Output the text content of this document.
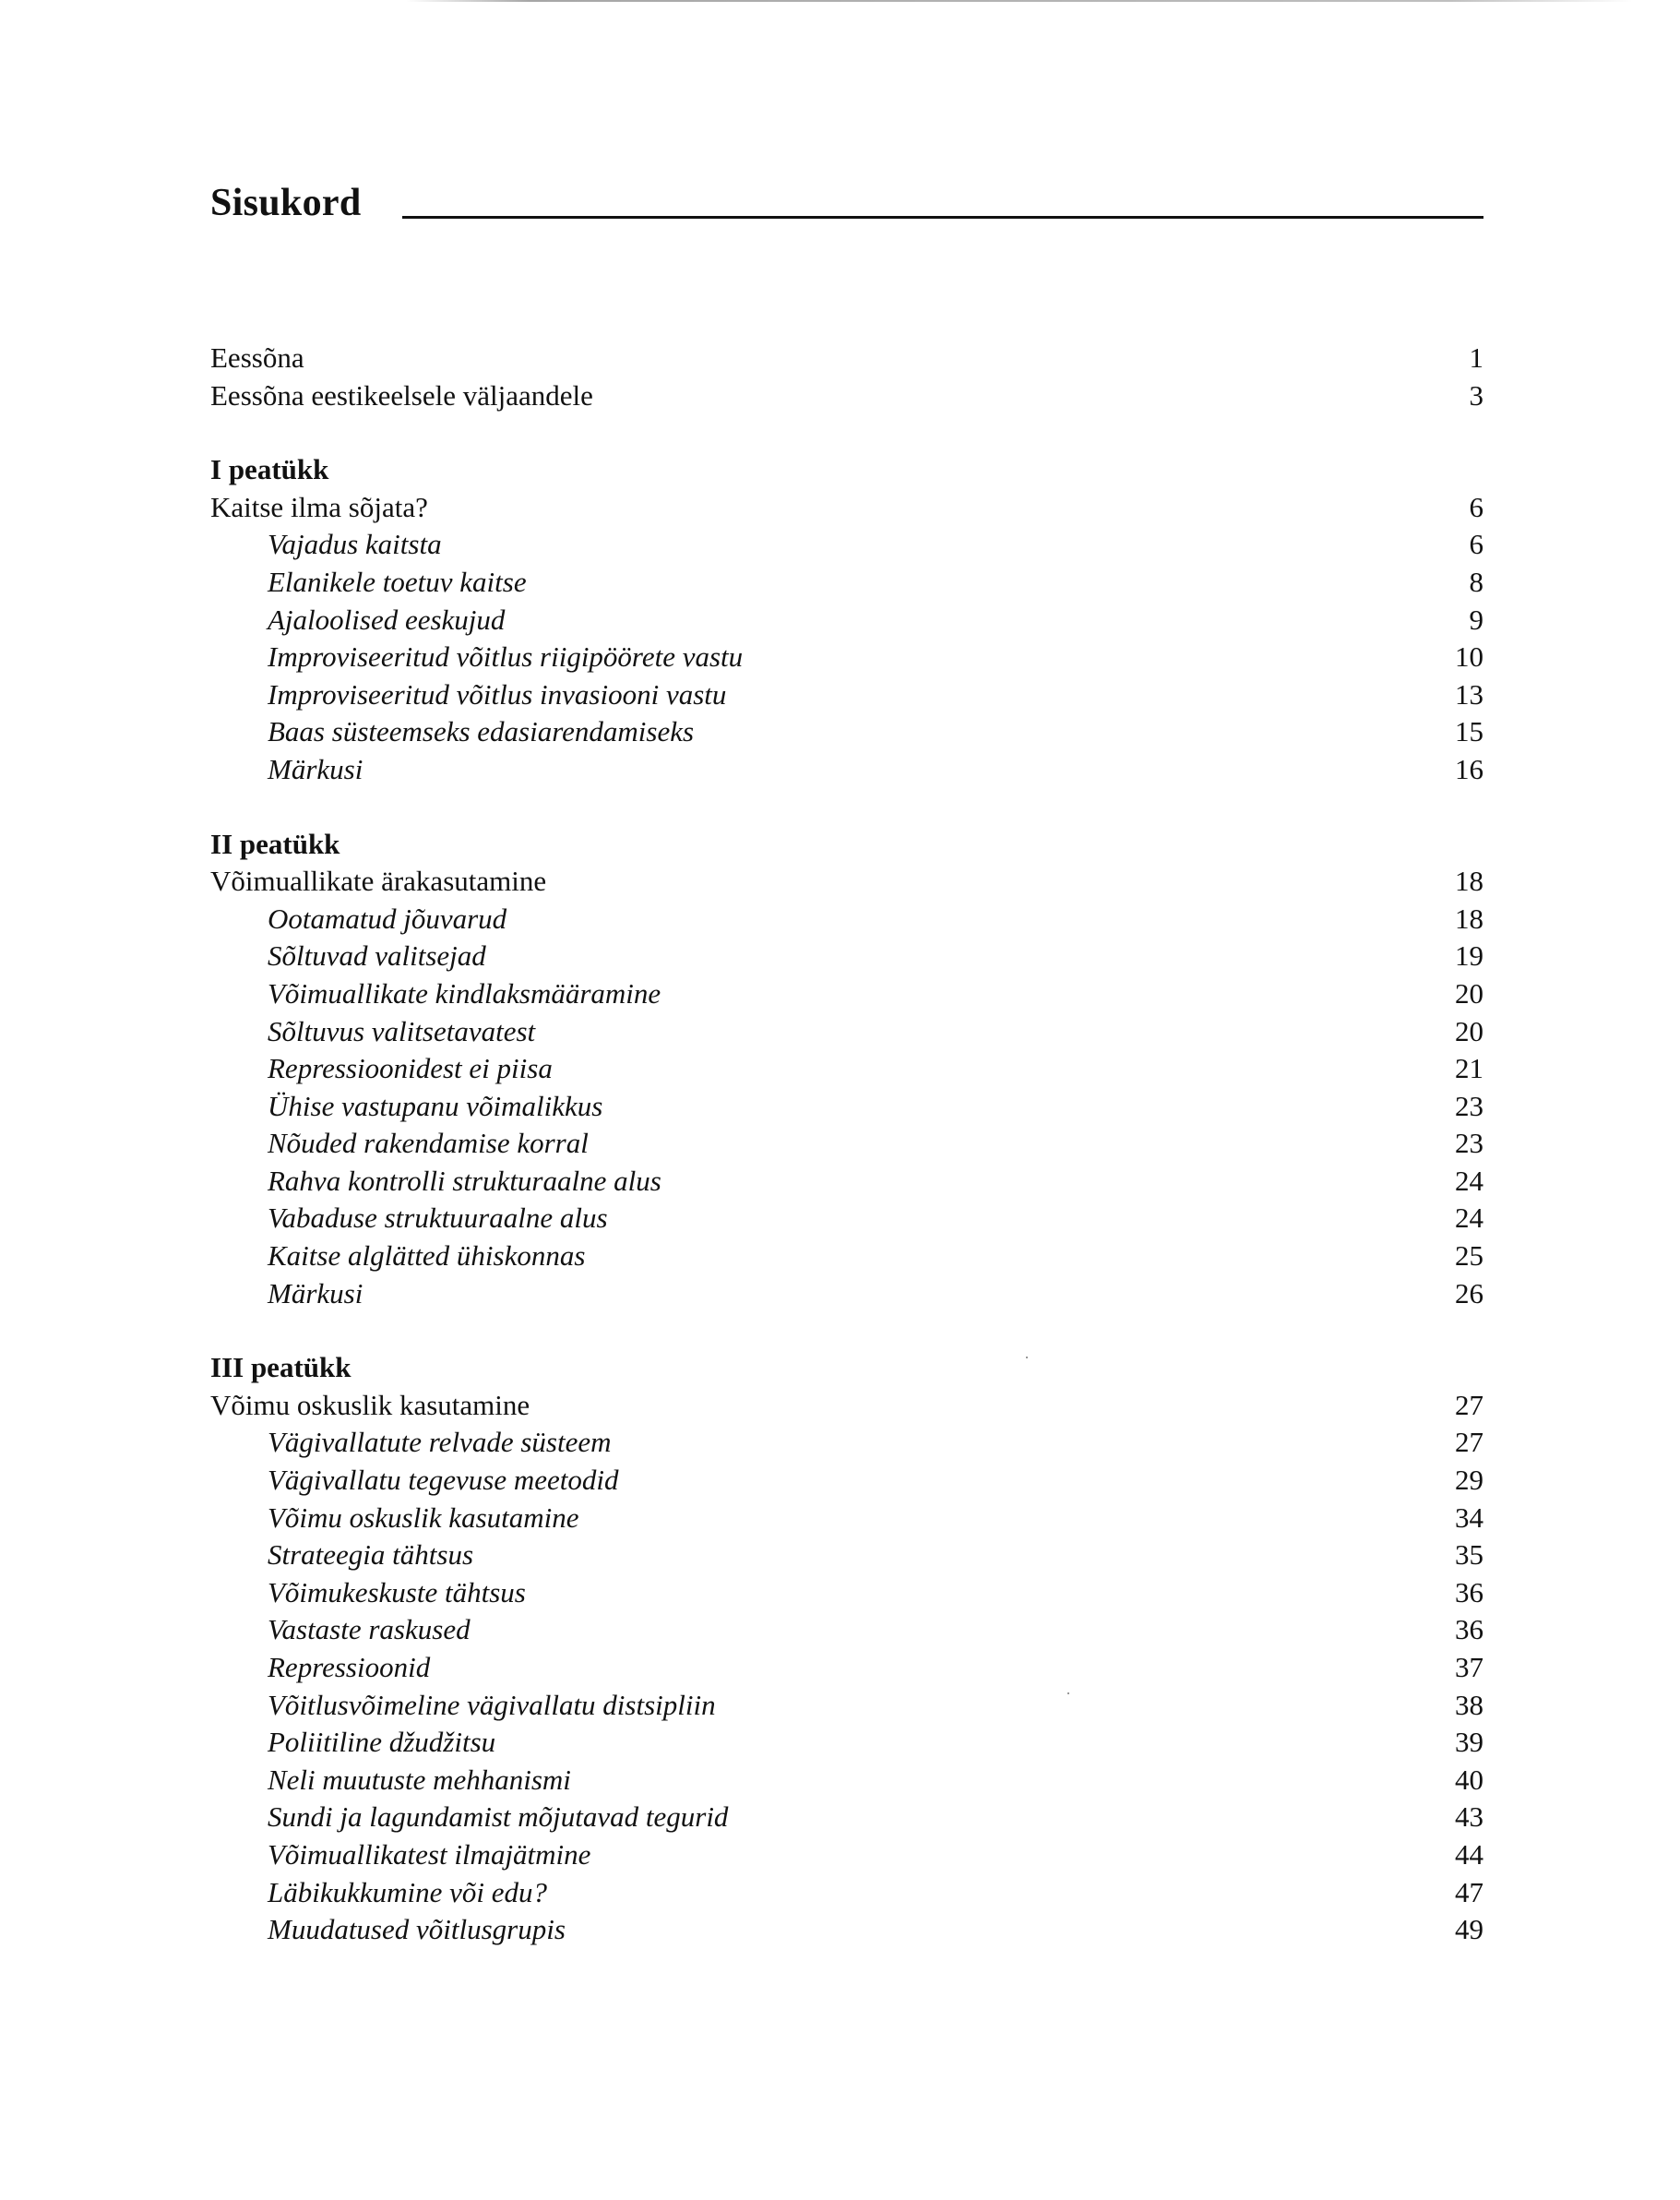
Sisukord
Eessõna	1
Eessõna eestikeelsele väljaandele	3
I peatükk
Kaitse ilma sõjata?	6
Vajadus kaitsta	6
Elanikele toetuv kaitse	8
Ajaloolised eeskujud	9
Improviseeritud võitlus riigipöörete vastu	10
Improviseeritud võitlus invasiooni vastu	13
Baas süsteemseks edasiarendamiseks	15
Märkusi	16
II peatükk
Võimuallikate ärakasutamine	18
Ootamatud jõuvarud	18
Sõltuvad valitsejad	19
Võimuallikate kindlaksmääramine	20
Sõltuvus valitsetavatest	20
Repressioonidest ei piisa	21
Ühise vastupanu võimalikkus	23
Nõuded rakendamise korral	23
Rahva kontrolli strukturaalne alus	24
Vabaduse struktuuraalne alus	24
Kaitse alglätted ühiskonnas	25
Märkusi	26
III peatükk
Võimu oskuslik kasutamine	27
Vägivallatute relvade süsteem	27
Vägivallatu tegevuse meetodid	29
Võimu oskuslik kasutamine	34
Strateegia tähtsus	35
Võimukeskuste tähtsus	36
Vastaste raskused	36
Repressioonid	37
Võitlusvõimeline vägivallatu distsipliin	38
Poliitiline džudžitsu	39
Neli muutuste mehhanismi	40
Sundi ja lagundamist mõjutavad tegurid	43
Võimuallikatest ilmajätmine	44
Läbikukkumine või edu?	47
Muudatused võitlusgrupis	49
